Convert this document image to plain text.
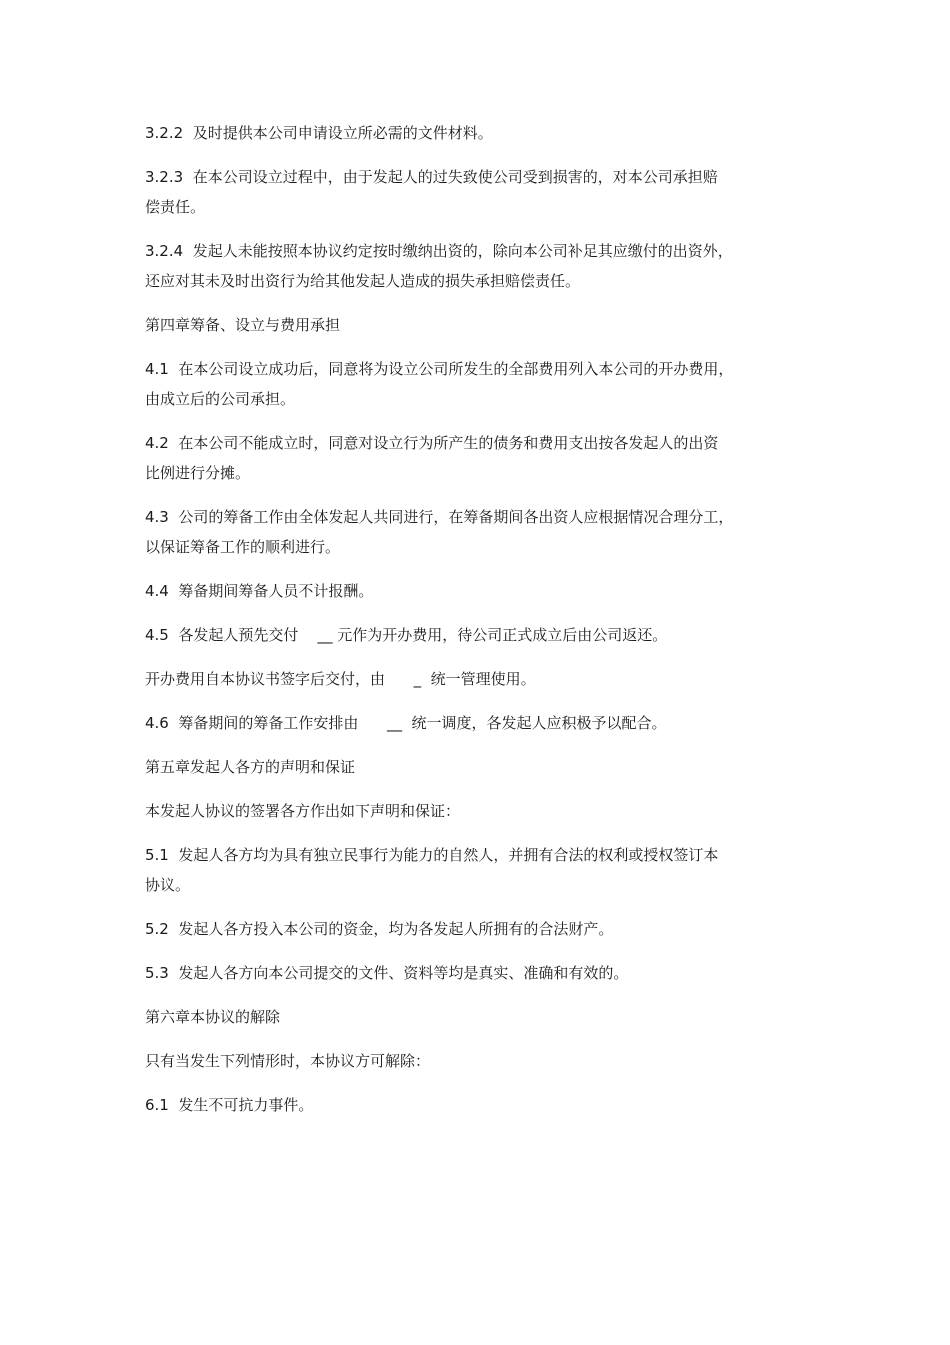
3.2.2  及时提供本公司申请设立所必需的文件材料。

3.2.3  在本公司设立过程中，由于发起人的过失致使公司受到损害的，对本公司承担赔
偿责任。

3.2.4  发起人未能按照本协议约定按时缴纳出资的，除向本公司补足其应缴付的出资外，
还应对其未及时出资行为给其他发起人造成的损失承担赔偿责任。

第四章筹备、设立与费用承担

4.1  在本公司设立成功后，同意将为设立公司所发生的全部费用列入本公司的开办费用，
由成立后的公司承担。

4.2  在本公司不能成立时，同意对设立行为所产生的债务和费用支出按各发起人的出资
比例进行分摊。

4.3  公司的筹备工作由全体发起人共同进行，在筹备期间各出资人应根据情况合理分工，
以保证筹备工作的顺利进行。

4.4  筹备期间筹备人员不计报酬。

4.5  各发起人预先交付    __ 元作为开办费用，待公司正式成立后由公司返还。

开办费用自本协议书签字后交付，由      _  统一管理使用。

4.6  筹备期间的筹备工作安排由      __  统一调度，各发起人应积极予以配合。

第五章发起人各方的声明和保证

本发起人协议的签署各方作出如下声明和保证：

5.1  发起人各方均为具有独立民事行为能力的自然人，并拥有合法的权利或授权签订本
协议。

5.2  发起人各方投入本公司的资金，均为各发起人所拥有的合法财产。

5.3  发起人各方向本公司提交的文件、资料等均是真实、准确和有效的。

第六章本协议的解除

只有当发生下列情形时，本协议方可解除：

6.1  发生不可抗力事件。
